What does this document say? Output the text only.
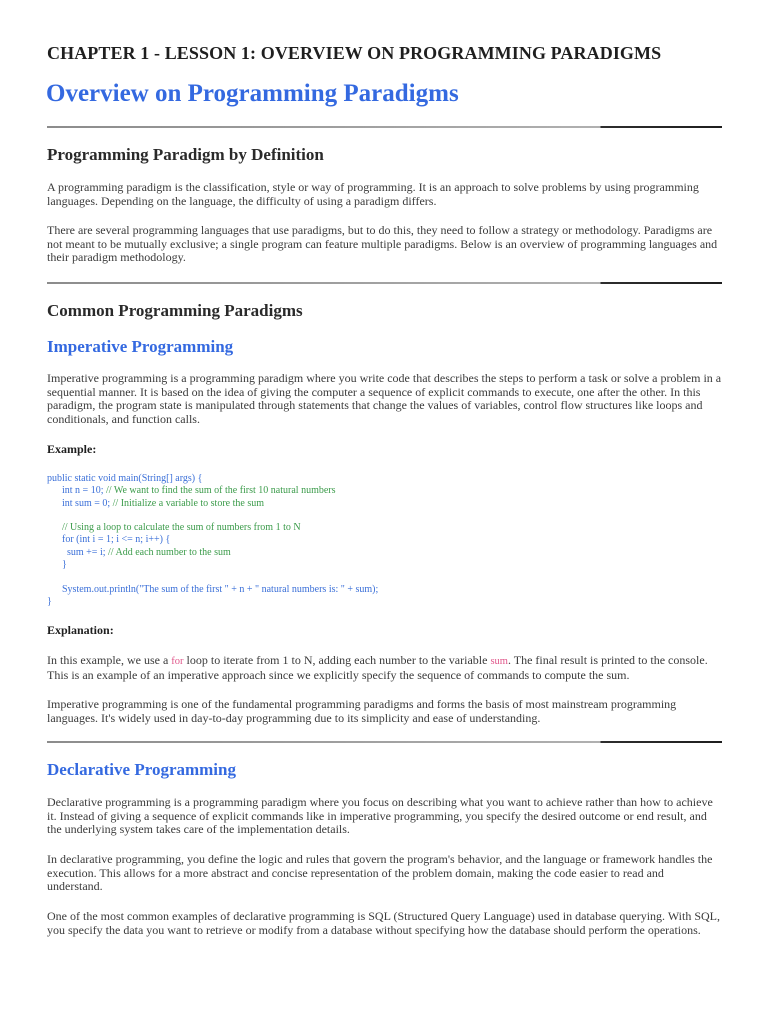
CHAPTER 1 - LESSON 1: OVERVIEW ON PROGRAMMING PARADIGMS
Overview on Programming Paradigms
Programming Paradigm by Definition

A programming paradigm is the classification, style or way of programming. It is an approach to solve problems by using programming languages. Depending on the language, the difficulty of using a paradigm differs.

There are several programming languages that use paradigms, but to do this, they need to follow a strategy or methodology. Paradigms are not meant to be mutually exclusive; a single program can feature multiple paradigms. Below is an overview of programming languages and their paradigm methodology.

Common Programming Paradigms
Imperative Programming

Imperative programming is a programming paradigm where you write code that describes the steps to perform a task or solve a problem in a sequential manner. It is based on the idea of giving the computer a sequence of explicit commands to execute, one after the other. In this paradigm, the program state is manipulated through statements that change the values of variables, control flow structures like loops and conditionals, and function calls.

Example:
public static void main(String[] args) {
int n = 10; // We want to find the sum of the first 10 natural numbers
int sum = 0; // Initialize a variable to store the sum

// Using a loop to calculate the sum of numbers from 1 to N
for (int i = 1; i <= n; i++) {
sum += i; // Add each number to the sum
}

System.out.println("The sum of the first " + n + " natural numbers is: " + sum);
}
Explanation:

In this example, we use a for loop to iterate from 1 to N, adding each number to the variable sum. The final result is printed to the console. This is an example of an imperative approach since we explicitly specify the sequence of commands to compute the sum.

Imperative programming is one of the fundamental programming paradigms and forms the basis of most mainstream programming languages. It's widely used in day-to-day programming due to its simplicity and ease of understanding.

Declarative Programming

Declarative programming is a programming paradigm where you focus on describing what you want to achieve rather than how to achieve it. Instead of giving a sequence of explicit commands like in imperative programming, you specify the desired outcome or end result, and the underlying system takes care of the implementation details.

In declarative programming, you define the logic and rules that govern the program's behavior, and the language or framework handles the execution. This allows for a more abstract and concise representation of the problem domain, making the code easier to read and understand.

One of the most common examples of declarative programming is SQL (Structured Query Language) used in database querying. With SQL, you specify the data you want to retrieve or modify from a database without specifying how the database should perform the operations.
